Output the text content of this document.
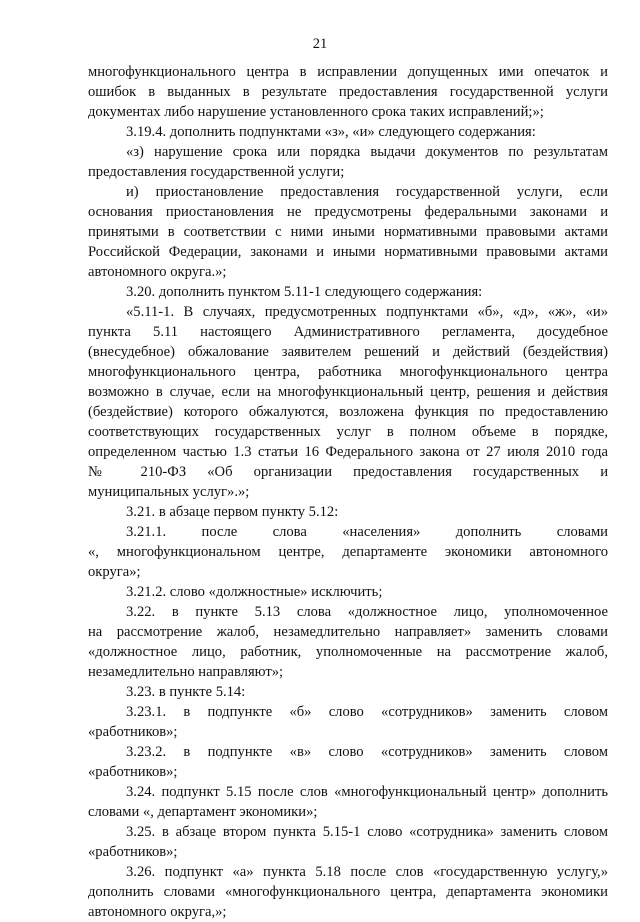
21
многофункционального центра в исправлении допущенных ими опечаток и
ошибок в выданных в результате предоставления государственной услуги
документах либо нарушение установленного срока таких исправлений;»;
3.19.4. дополнить подпунктами «з», «и» следующего содержания:
«з) нарушение срока или порядка выдачи документов по результатам
предоставления государственной услуги;
и) приостановление предоставления государственной услуги, если
основания приостановления не предусмотрены федеральными законами и
принятыми в соответствии с ними иными нормативными правовыми актами
Российской Федерации, законами и иными нормативными правовыми актами
автономного округа.»;
3.20. дополнить пунктом 5.11-1 следующего содержания:
«5.11-1. В случаях, предусмотренных подпунктами «б», «д», «ж», «и»
пункта 5.11 настоящего Административного регламента, досудебное
(внесудебное) обжалование заявителем решений и действий (бездействия)
многофункционального центра, работника многофункционального центра
возможно в случае, если на многофункциональный центр, решения и действия
(бездействие) которого обжалуются, возложена функция по предоставлению
соответствующих государственных услуг в полном объеме в порядке,
определенном частью 1.3 статьи 16 Федерального закона от 27 июля 2010 года
№ 210-ФЗ «Об организации предоставления государственных и
муниципальных услуг».»;
3.21. в абзаце первом пункту 5.12:
3.21.1. после слова «населения» дополнить словами
«, многофункциональном центре, департаменте экономики автономного
округа»;
3.21.2. слово «должностные» исключить;
3.22. в пункте 5.13 слова «должностное лицо, уполномоченное
на рассмотрение жалоб, незамедлительно направляет» заменить словами
«должностное лицо, работник, уполномоченные на рассмотрение жалоб,
незамедлительно направляют»;
3.23. в пункте 5.14:
3.23.1. в подпункте «б» слово «сотрудников» заменить словом
«работников»;
3.23.2. в подпункте «в» слово «сотрудников» заменить словом
«работников»;
3.24. подпункт 5.15 после слов «многофункциональный центр» дополнить
словами «, департамент экономики»;
3.25. в абзаце втором пункта 5.15-1 слово «сотрудника» заменить словом
«работников»;
3.26. подпункт «а» пункта 5.18 после слов «государственную услугу,»
дополнить словами «многофункционального центра, департамента экономики
автономного округа,»;
